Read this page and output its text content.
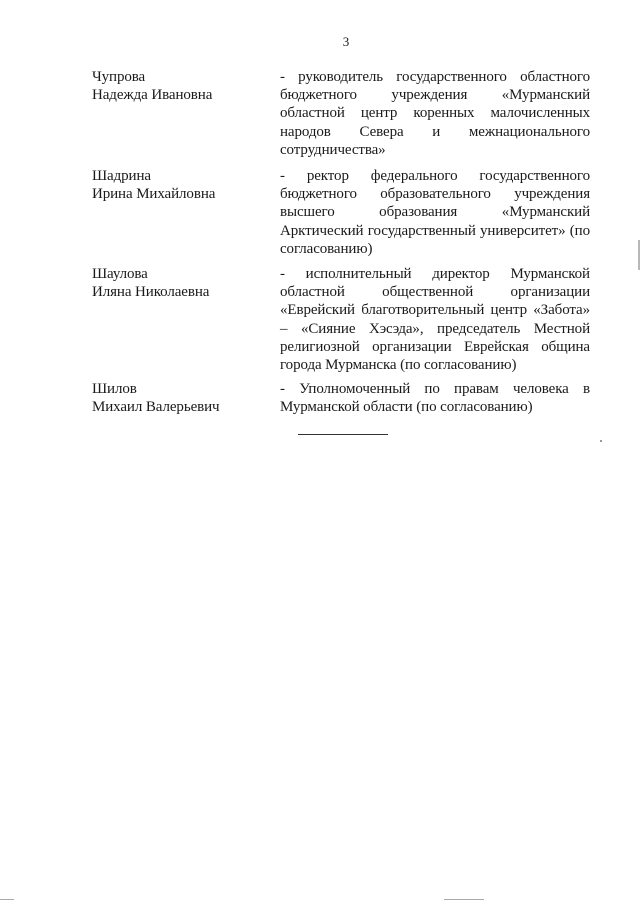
3
Чупрова
Надежда Ивановна
- руководитель государственного областного бюджетного учреждения «Мурманский областной центр коренных малочисленных народов Севера и межнационального сотрудничества»
Шадрина
Ирина Михайловна
- ректор федерального государственного бюджетного образовательного учреждения высшего образования «Мурманский Арктический государственный университет» (по согласованию)
Шаулова
Иляна Николаевна
- исполнительный директор Мурманской областной общественной организации «Еврейский благотворительный центр «Забота» – «Сияние Хэсэда», председатель Местной религиозной организации Еврейская община города Мурманска (по согласованию)
Шилов
Михаил Валерьевич
- Уполномоченный по правам человека в Мурманской области (по согласованию)
